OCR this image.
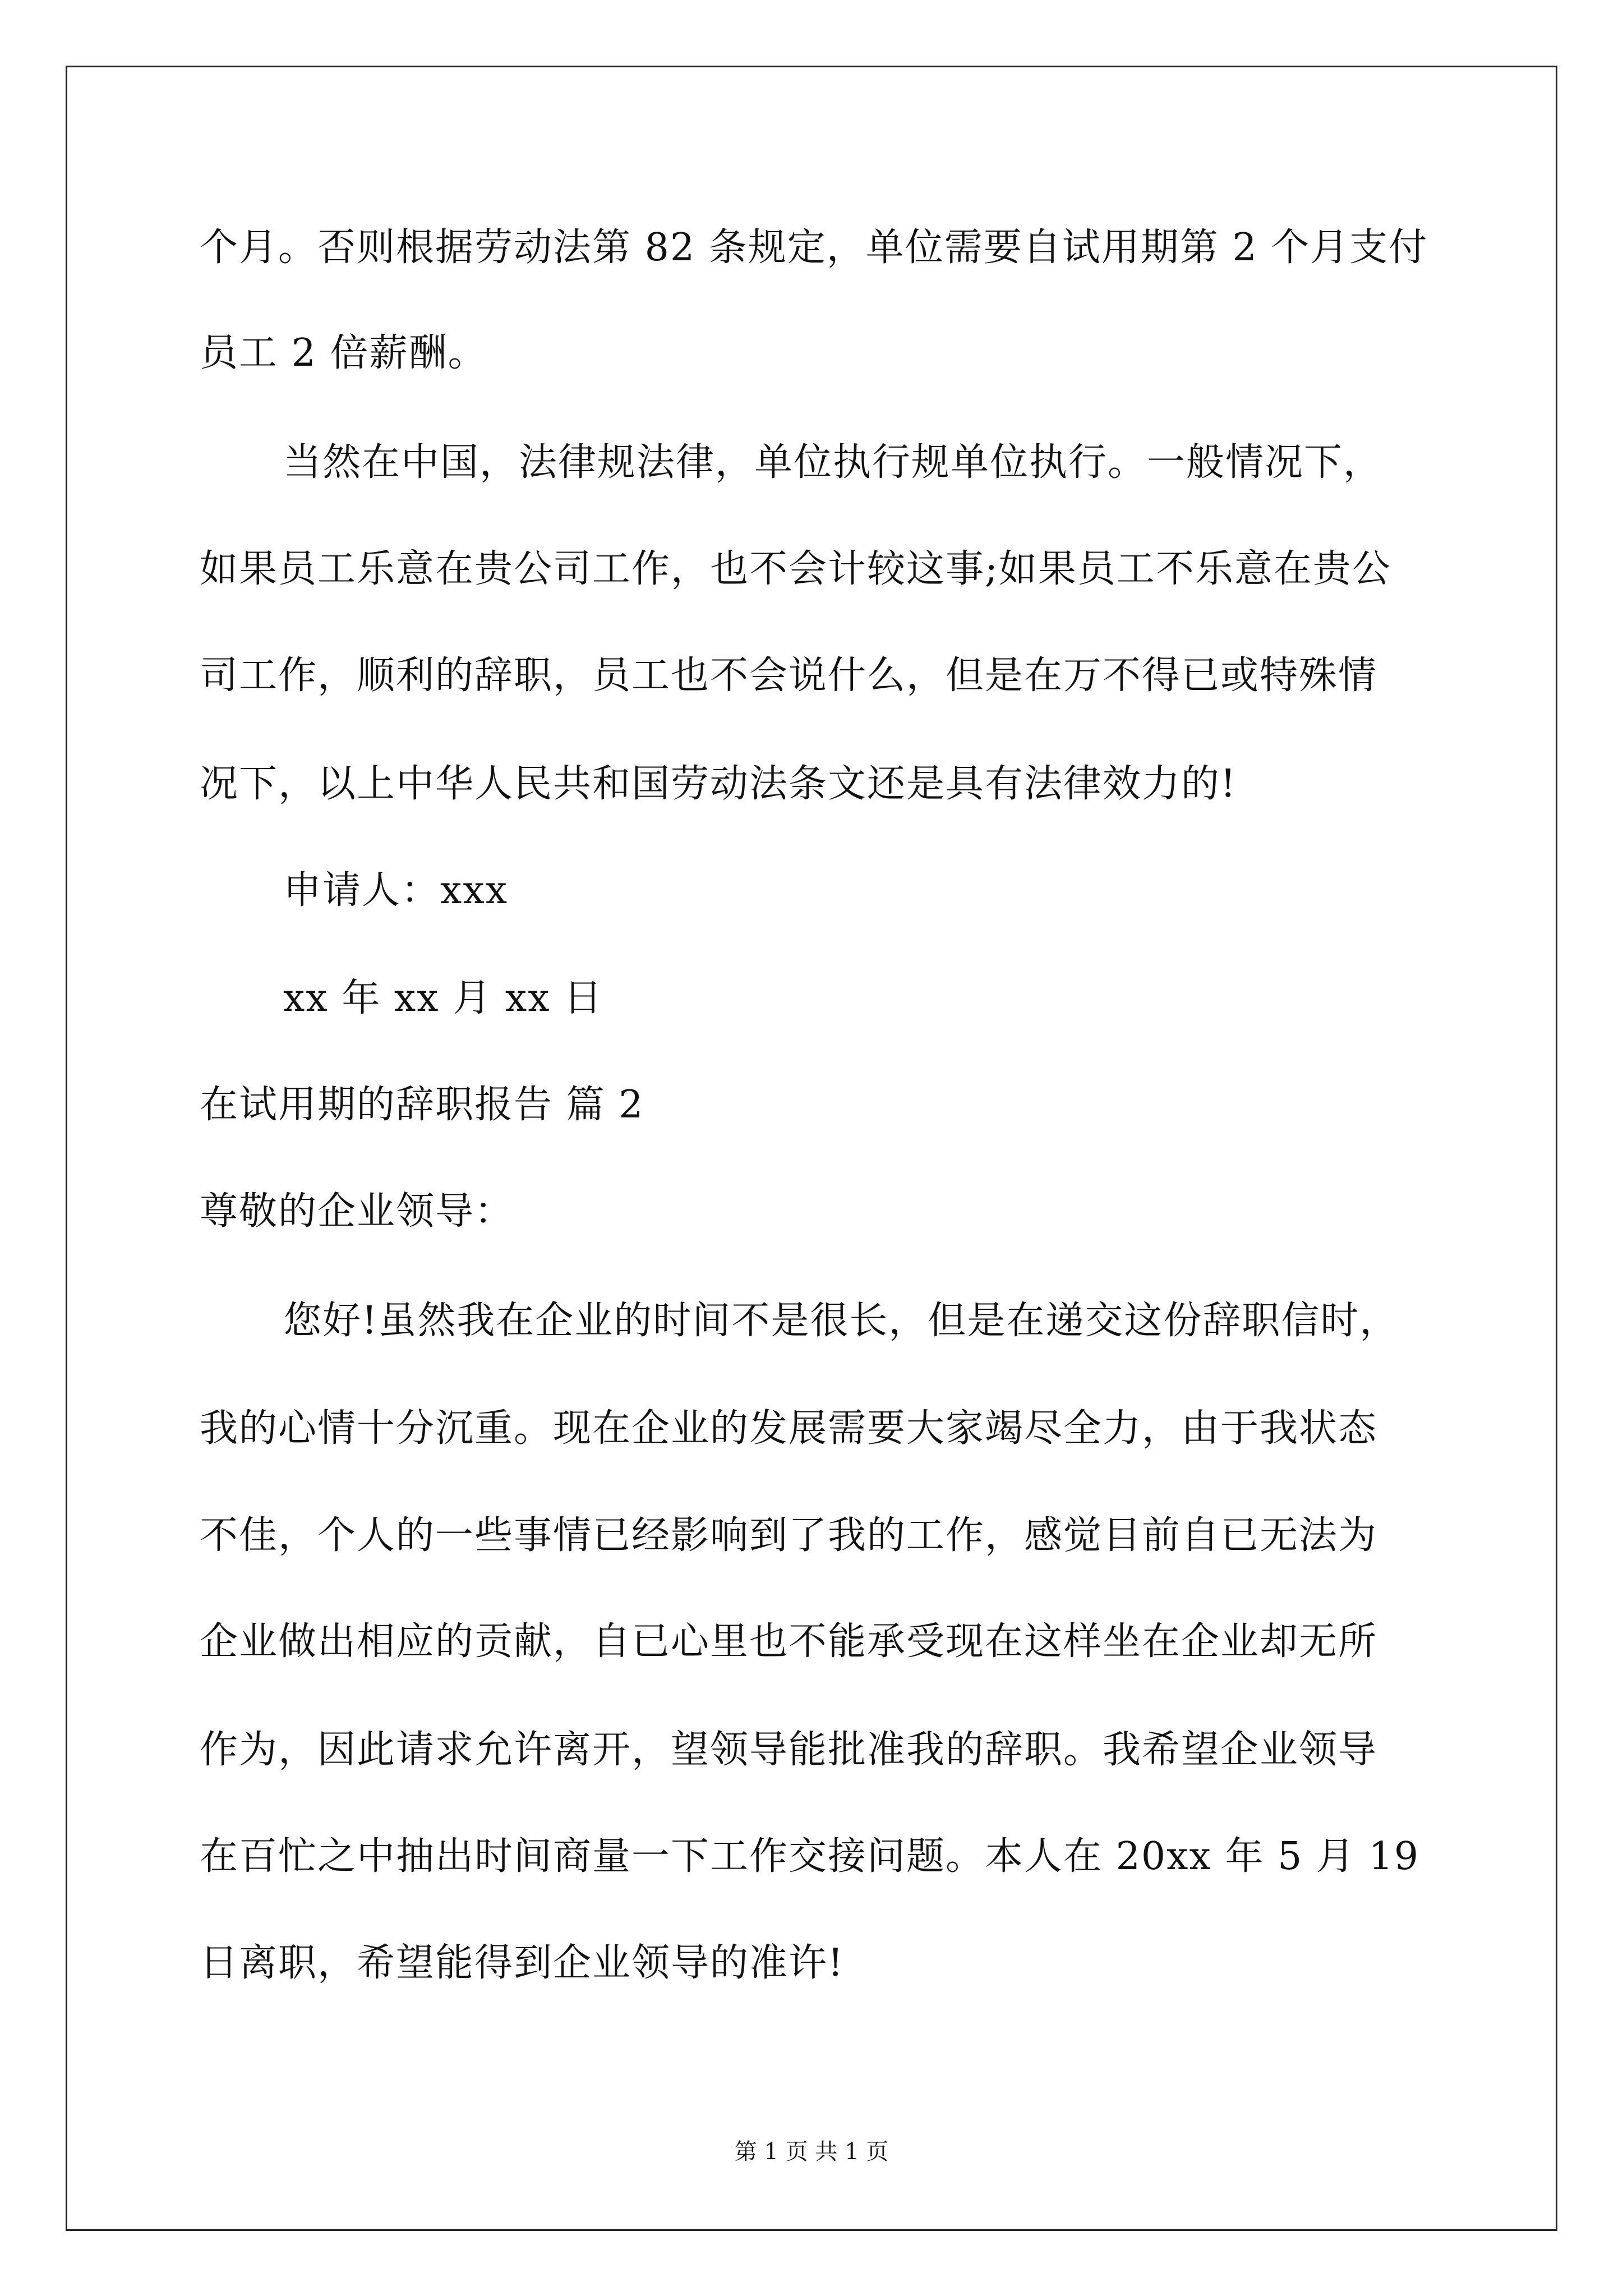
个月。否则根据劳动法第 82 条规定，单位需要自试用期第 2 个月支付
员工 2 倍薪酬。
当然在中国，法律规法律，单位执行规单位执行。一般情况下，
如果员工乐意在贵公司工作，也不会计较这事;如果员工不乐意在贵公
司工作，顺利的辞职，员工也不会说什么，但是在万不得已或特殊情
况下，以上中华人民共和国劳动法条文还是具有法律效力的!
申请人：xxx
xx 年 xx 月 xx 日
在试用期的辞职报告 篇 2
尊敬的企业领导：
您好!虽然我在企业的时间不是很长，但是在递交这份辞职信时，
我的心情十分沉重。现在企业的发展需要大家竭尽全力，由于我状态
不佳，个人的一些事情已经影响到了我的工作，感觉目前自已无法为
企业做出相应的贡献，自已心里也不能承受现在这样坐在企业却无所
作为，因此请求允许离开，望领导能批准我的辞职。我希望企业领导
在百忙之中抽出时间商量一下工作交接问题。本人在 20xx 年 5 月 19
日离职，希望能得到企业领导的准许!
第 1 页 共 1 页
